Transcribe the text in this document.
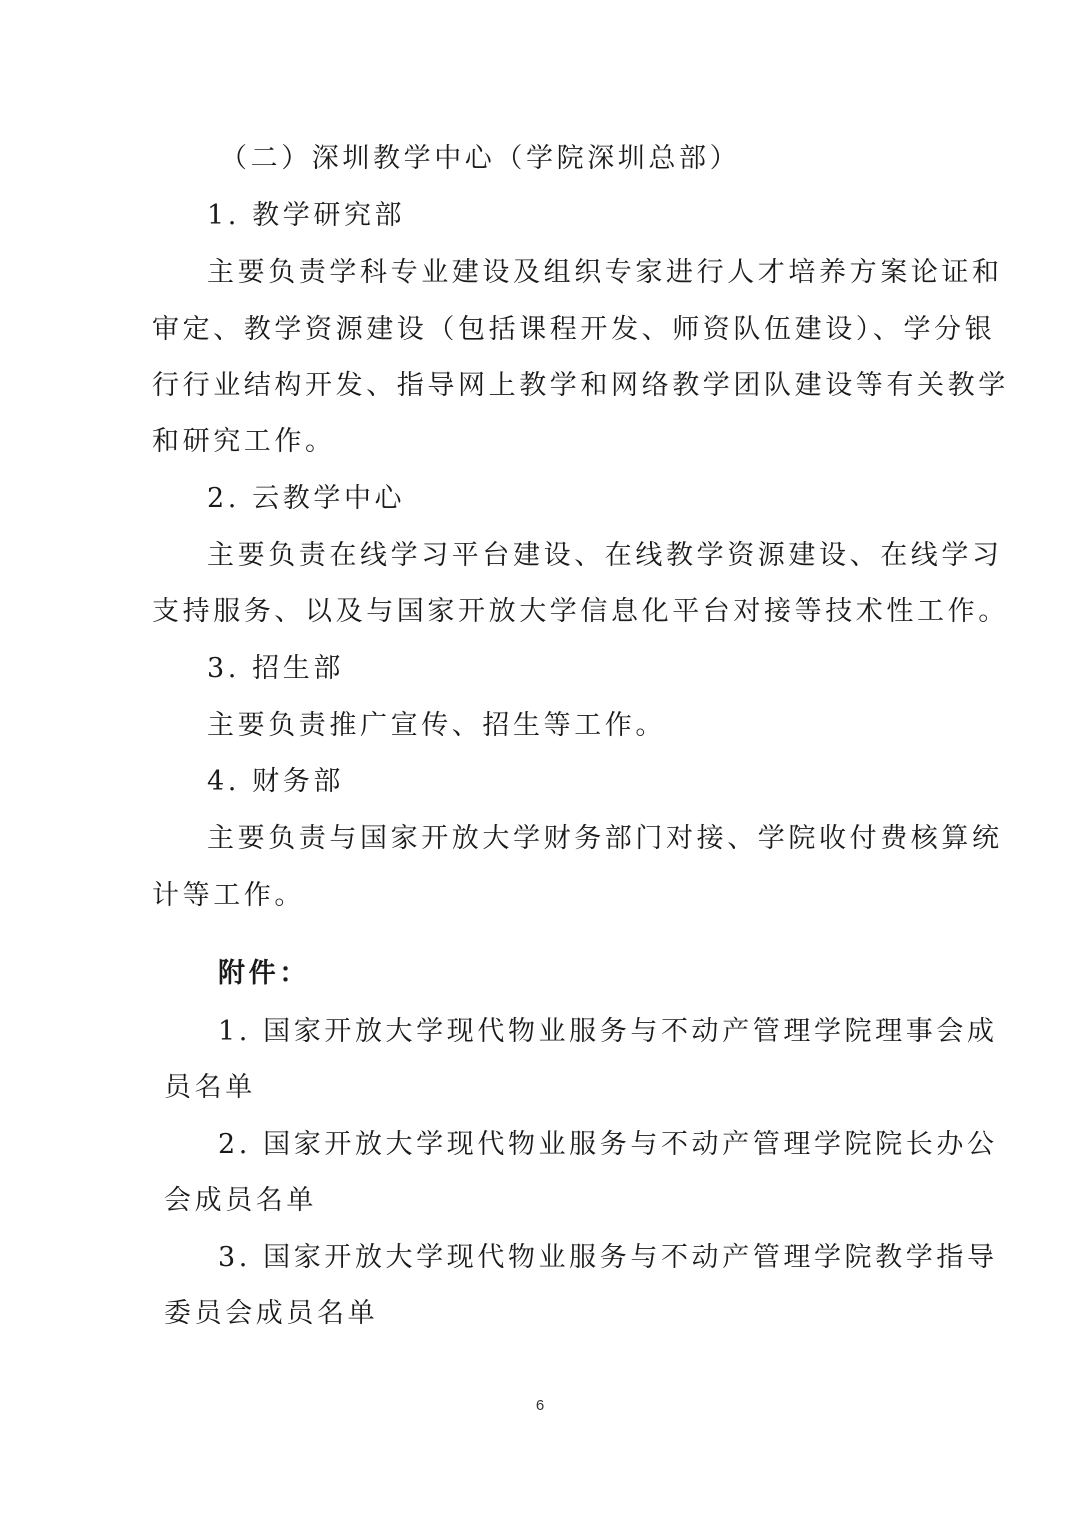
（二）深圳教学中心（学院深圳总部）
1. 教学研究部
主要负责学科专业建设及组织专家进行人才培养方案论证和
审定、教学资源建设（包括课程开发、师资队伍建设）、学分银
行行业结构开发、指导网上教学和网络教学团队建设等有关教学
和研究工作。
2. 云教学中心
主要负责在线学习平台建设、在线教学资源建设、在线学习
支持服务、以及与国家开放大学信息化平台对接等技术性工作。
3. 招生部
主要负责推广宣传、招生等工作。
4. 财务部
主要负责与国家开放大学财务部门对接、学院收付费核算统
计等工作。
附件：
1. 国家开放大学现代物业服务与不动产管理学院理事会成
员名单
2. 国家开放大学现代物业服务与不动产管理学院院长办公
会成员名单
3. 国家开放大学现代物业服务与不动产管理学院教学指导
委员会成员名单
6
